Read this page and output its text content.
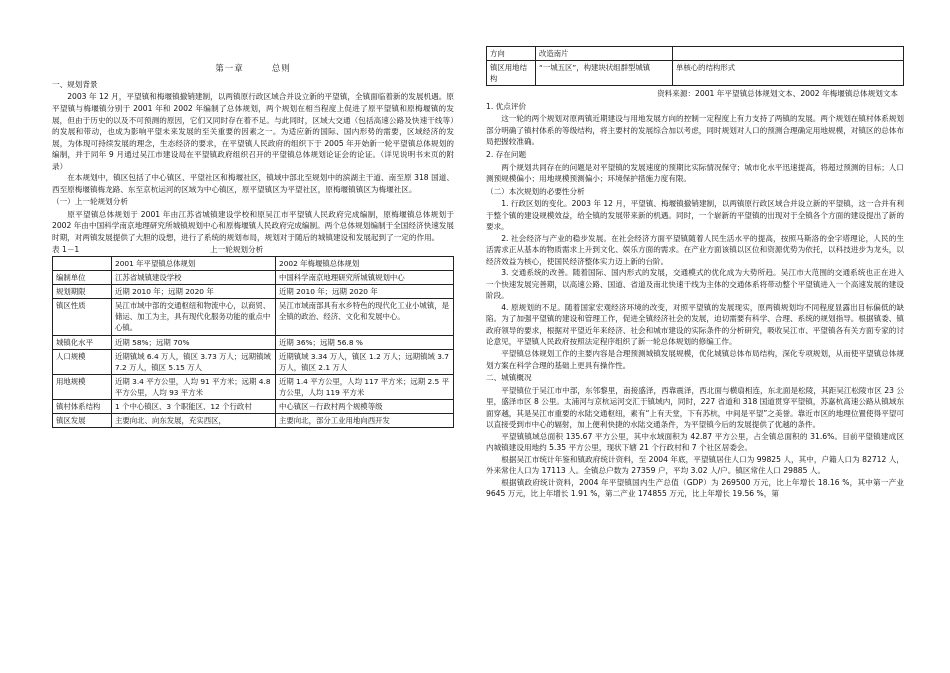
第一章	总则

一、规划背景

2003 年 12 月，平望镇和梅堰镇撤销建制，以两镇原行政区域合并设立新的平望镇，全镇面临着新的发展机遇。原平望镇与梅堰镇分别于 2001 年和 2002 年编制了总体规划，两个规划在相当程度上促进了原平望镇和原梅堰镇的发展，但由于历史的以及不可预测的原因，它们又同时存在着不足。与此同时，区域大交通（包括高速公路及快速干线等）的发展和带动，也成为影响平望未来发展的至关重要的因素之一。为适应新的国际、国内形势的需要，区域经济的发展，为体现可持续发展的理念，生态经济的要求，在平望镇人民政府的组织下于 2005 年开始新一轮平望镇总体规划的编制，并于同年 9 月通过吴江市建设局在平望镇政府组织召开的平望镇总体规划论证会的论证。（详见说明书末页的附录）

在本规划中，镇区包括了中心镇区、平望社区和梅堰社区，镇域中部北至规划中的滨湖主干道、南至原 318 国道、西至原梅堰镇梅龙路、东至京杭运河的区域为中心镇区，原平望镇区为平望社区，原梅堰镇镇区为梅堰社区。

（一）上一轮规划分析

原平望镇总体规划于 2001 年由江苏省城镇建设学校和原吴江市平望镇人民政府完成编制，原梅堰镇总体规划于 2002 年由中国科学南京地理研究所城镇规划中心和原梅堰镇人民政府完成编制。两个总体规划编制于全国经济快速发展时期，对两镇发展提供了大胆的设想，进行了系统的规划布局，规划对于随后的城镇建设和发展起到了一定的作用。

表 1－1	上一轮规划分析
	2001 年平望镇总体规划	2002 年梅堰镇总体规划
编制单位	江苏省城镇建设学校	中国科学南京地理研究所城镇规划中心
规划期限	近期 2010 年；远期 2020 年	近期 2010 年；远期 2020 年
镇区性质	吴江市域中部的交通枢纽和物流中心，以商贸、储运、加工为主，具有现代化服务功能的重点中心镇。	吴江市域南部具有水乡特色的现代化工业小城镇，是全镇的政治、经济、文化和发展中心。
城镇化水平	近期 58%；远期 70%	近期 36%；远期 56.8 %
人口规模	近期镇域 6.4 万人，镇区 3.73 万人；远期镇域 7.2 万人，镇区 5.15 万人	近期镇域 3.34 万人，镇区 1.2 万人；远期镇域 3.7 万人，镇区 2.1 万人
用地规模	近期 3.4 平方公里，人均 91 平方米；远期 4.8 平方公里，人均 93 平方米	近期 1.4 平方公里，人均 117 平方米；远期 2.5 平方公里，人均 119 平方米
镇村体系结构	1 个中心镇区、3 个职能区、12 个行政村	中心镇区－行政村两个规模等级
镇区发展	主要向北、向东发展，充实西区，	主要向北，部分工业用地向西开发
方向	改造南片	
镇区用地结构	“一城五区”，构建块状组群型城镇	单核心的结构形式

资料来源：2001 年平望镇总体规划文本、2002 年梅堰镇总体规划文本

1. 优点评价

这一轮的两个规划对原两镇近期建设与用地发展方向的控制一定程度上有力支持了两镇的发展。两个规划在镇村体系规划部分明确了镇村体系的等级结构，将主要村的发展综合加以考虑，同时规划对人口的预测合理确定用地规模，对镇区的总体布局把握较准确。

2. 存在问题

两个规划共同存在的问题是对平望镇的发展速度的预期比实际情况保守；城市化水平迅速提高，将超过预测的目标；人口测预规模偏小；用地规模预测偏小；环境保护措施力度有限。

（二）本次规划的必要性分析

1. 行政区划的变化。2003 年 12 月，平望镇、梅堰镇撤销建制，以两镇原行政区域合并设立新的平望镇，这一合并有利于整个镇的建设规模效益，给全镇的发展带来新的机遇。同时，一个崭新的平望镇的出现对于全镇各个方面的建设提出了新的要求。

2. 社会经济与产业的稳步发展。在社会经济方面平望镇随着人民生活水平的提高，按照马斯洛的金字塔理论，人民的生活需求正从基本的物质需求上升到文化、娱乐方面的需求。在产业方面该镇以区位和资源优势为依托，以科技进步为龙头，以经济效益为核心，使国民经济整体实力迈上新的台阶。

3. 交通系统的改善。随着国际、国内形式的发展，交通模式的优化成为大势所趋。吴江市大范围的交通系统也正在进入一个快速发展完善期，以高速公路、国道、省道及南北快速干线为主体的交通体系将带动整个平望镇进入一个高速发展的建设阶段。

4. 原规划的不足。随着国家宏观经济环境的改变，对照平望镇的发展现实，原两镇规划均不同程度显露出目标偏低的缺陷。为了加强平望镇的建设和管理工作，促进全镇经济社会的发展，迫切需要有科学、合理、系统的规划指导。根据镇委、镇政府领导的要求，根据对平望近年来经济、社会和城市建设的实际条件的分析研究，吸收吴江市、平望镇各有关方面专家的讨论意见，平望镇人民政府按照法定程序组织了新一轮总体规划的修编工作。

平望镇总体规划工作的主要内容是合理预测城镇发展规模，优化城镇总体布局结构，深化专项规划，从而使平望镇总体规划方案在科学合理的基础上更具有操作性。

二、城镇概况

平望镇位于吴江市中部，东邻黎里，南接盛泽，西靠震泽，西北面与横扇相连，东北面是松陵，其距吴江松陵市区 23 公里，盛泽市区 8 公里。太浦河与京杭运河交汇于镇域内，同时，227 省道和 318 国道贯穿平望镇，苏嘉杭高速公路从镇域东面穿越，其是吴江市重要的水陆交通枢纽，素有“上有天堂，下有苏杭，中间是平望”之美誉。靠近市区的地理位置使得平望可以直接受到市中心的辐射，加上便利快捷的水陆交通条件，为平望镇今后的发展提供了优越的条件。

平望镇镇域总面积 135.67 平方公里，其中水域面积为 42.87 平方公里，占全镇总面积的 31.6%。目前平望镇建成区内城镇建设用地约 5.35 平方公里，现状下辖 21 个行政村和 7 个社区居委会。

根据吴江市统计年鉴和镇政府统计资料，至 2004 年底，平望镇居住人口为 99825 人，其中，户籍人口为 82712 人，外来常住人口为 17113 人。全镇总户数为 27359 户，平均 3.02 人/户。镇区常住人口 29885 人。

根据镇政府统计资料，2004 年平望镇国内生产总值（GDP）为 269500 万元，比上年增长 18.16 %，其中第一产业 9645 万元，比上年增长 1.91 %，第二产业 174855 万元，比上年增长 19.56 %，第
